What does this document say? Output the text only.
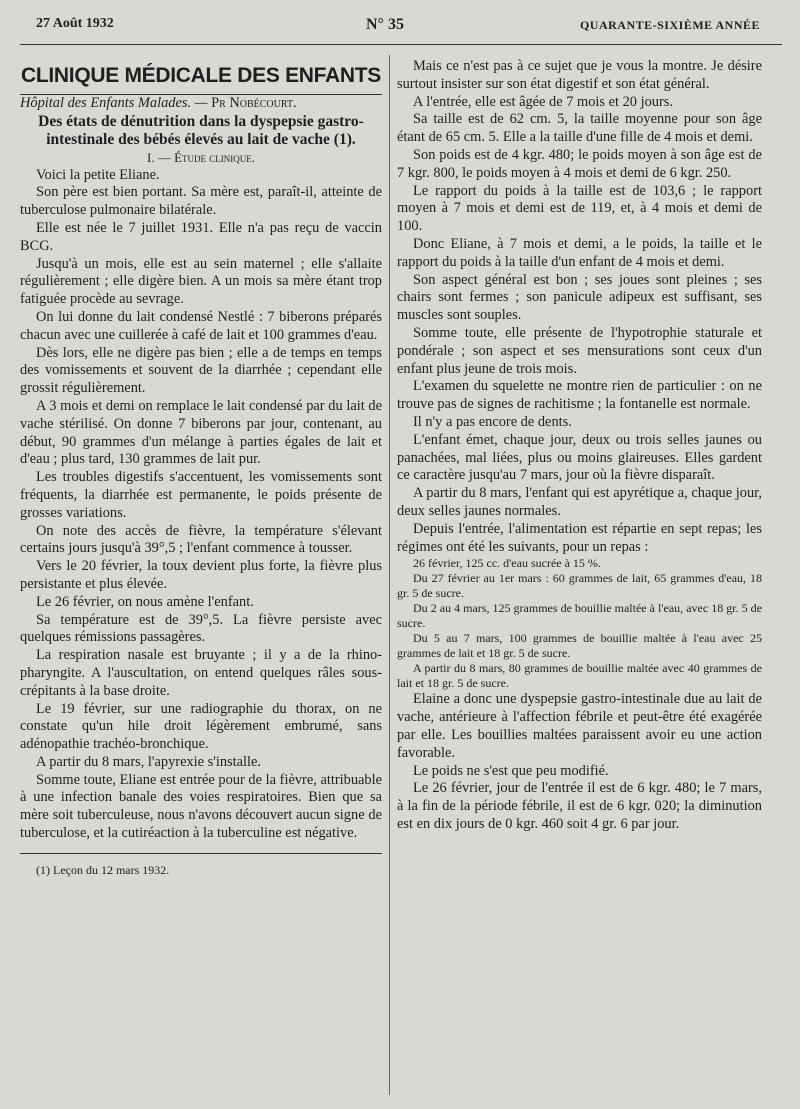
27 Août 1932	N° 35	QUARANTE-SIXIÈME ANNÉE
CLINIQUE MÉDICALE DES ENFANTS

Hôpital des Enfants Malades. — Pr Nobécourt.

Des états de dénutrition dans la dyspepsie gastro-intestinale des bébés élevés au lait de vache (1).

I. — Étude clinique.

Voici la petite Eliane.

Son père est bien portant. Sa mère est, paraît-il, atteinte de tuberculose pulmonaire bilatérale.

Elle est née le 7 juillet 1931. Elle n'a pas reçu de vaccin BCG.

Jusqu'à un mois, elle est au sein maternel ; elle s'allaite régulièrement ; elle digère bien. A un mois sa mère étant trop fatiguée procède au sevrage.

On lui donne du lait condensé Nestlé : 7 biberons préparés chacun avec une cuillerée à café de lait et 100 grammes d'eau.

Dès lors, elle ne digère pas bien ; elle a de temps en temps des vomissements et souvent de la diarrhée ; cependant elle grossit régulièrement.

A 3 mois et demi on remplace le lait condensé par du lait de vache stérilisé. On donne 7 biberons par jour, contenant, au début, 90 grammes d'un mélange à parties égales de lait et d'eau ; plus tard, 130 grammes de lait pur.

Les troubles digestifs s'accentuent, les vomissements sont fréquents, la diarrhée est permanente, le poids présente de grosses variations.

On note des accès de fièvre, la température s'élevant certains jours jusqu'à 39°,5 ; l'enfant commence à tousser.

Vers le 20 février, la toux devient plus forte, la fièvre plus persistante et plus élevée.

Le 26 février, on nous amène l'enfant.

Sa température est de 39°,5. La fièvre persiste avec quelques rémissions passagères.

La respiration nasale est bruyante ; il y a de la rhino-pharyngite. A l'auscultation, on entend quelques râles sous-crépitants à la base droite.

Le 19 février, sur une radiographie du thorax, on ne constate qu'un hile droit légèrement embrumé, sans adénopathie trachéo-bronchique.

A partir du 8 mars, l'apyrexie s'installe.

Somme toute, Eliane est entrée pour de la fièvre, attribuable à une infection banale des voies respiratoires. Bien que sa mère soit tuberculeuse, nous n'avons découvert aucun signe de tuberculose, et la cutiréaction à la tuberculine est négative.

(1) Leçon du 12 mars 1932.

Mais ce n'est pas à ce sujet que je vous la montre. Je désire surtout insister sur son état digestif et son état général.

A l'entrée, elle est âgée de 7 mois et 20 jours.

Sa taille est de 62 cm. 5, la taille moyenne pour son âge étant de 65 cm. 5. Elle a la taille d'une fille de 4 mois et demi.

Son poids est de 4 kgr. 480; le poids moyen à son âge est de 7 kgr. 800, le poids moyen à 4 mois et demi de 6 kgr. 250.

Le rapport du poids à la taille est de 103,6 ; le rapport moyen à 7 mois et demi est de 119, et, à 4 mois et demi de 100.

Donc Eliane, à 7 mois et demi, a le poids, la taille et le rapport du poids à la taille d'un enfant de 4 mois et demi.

Son aspect général est bon ; ses joues sont pleines ; ses chairs sont fermes ; son panicule adipeux est suffisant, ses muscles sont souples.

Somme toute, elle présente de l'hypotrophie staturale et pondérale ; son aspect et ses mensurations sont ceux d'un enfant plus jeune de trois mois.

L'examen du squelette ne montre rien de particulier : on ne trouve pas de signes de rachitisme ; la fontanelle est normale.

Il n'y a pas encore de dents.

L'enfant émet, chaque jour, deux ou trois selles jaunes ou panachées, mal liées, plus ou moins glaireuses. Elles gardent ce caractère jusqu'au 7 mars, jour où la fièvre disparaît.

A partir du 8 mars, l'enfant qui est apyrétique a, chaque jour, deux selles jaunes normales.

Depuis l'entrée, l'alimentation est répartie en sept repas; les régimes ont été les suivants, pour un repas :

26 février, 125 cc. d'eau sucrée à 15 %.

Du 27 février au 1er mars : 60 grammes de lait, 65 grammes d'eau, 18 gr. 5 de sucre.

Du 2 au 4 mars, 125 grammes de bouillie maltée à l'eau, avec 18 gr. 5 de sucre.

Du 5 au 7 mars, 100 grammes de bouillie maltée à l'eau avec 25 grammes de lait et 18 gr. 5 de sucre.

A partir du 8 mars, 80 grammes de bouillie maltée avec 40 grammes de lait et 18 gr. 5 de sucre.

Elaine a donc une dyspepsie gastro-intestinale due au lait de vache, antérieure à l'affection fébrile et peut-être été exagérée par elle. Les bouillies maltées paraissent avoir eu une action favorable.

Le poids ne s'est que peu modifié.

Le 26 février, jour de l'entrée il est de 6 kgr. 480; le 7 mars, à la fin de la période fébrile, il est de 6 kgr. 020; la diminution est en dix jours de 0 kgr. 460 soit 4 gr. 6 par jour.
